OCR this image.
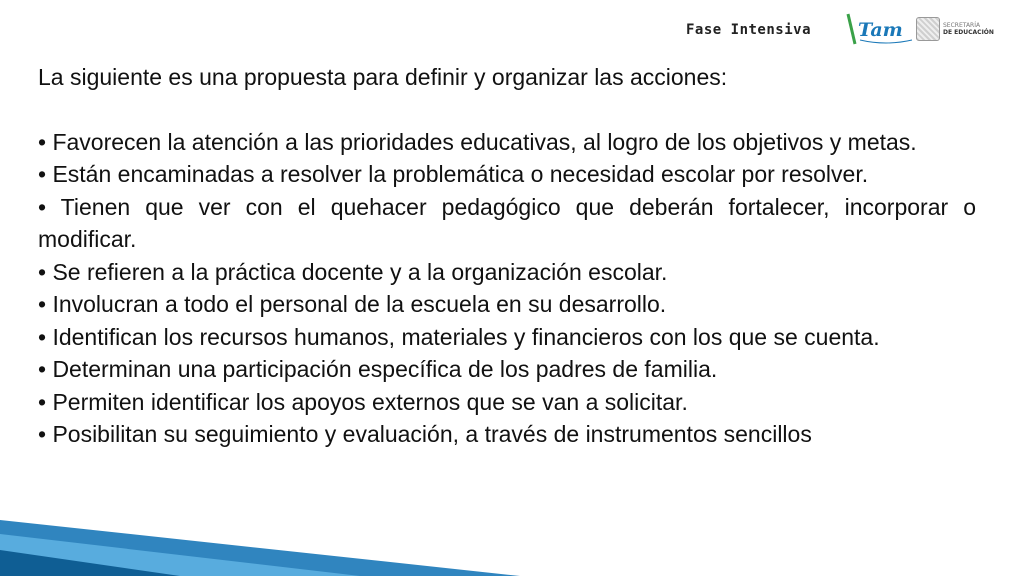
Fase Intensiva Tam	SECRETARÍA
DE EDUCACIÓN
La siguiente es una propuesta para definir y organizar las acciones:
• Favorecen la atención a las prioridades educativas, al logro de los objetivos y metas.
• Están encaminadas a resolver la problemática o necesidad escolar por resolver.
• Tienen que ver con el quehacer pedagógico que deberán fortalecer, incorporar o modificar.
• Se refieren a la práctica docente y a la organización escolar.
• Involucran a todo el personal de la escuela en su desarrollo.
• Identifican los recursos humanos, materiales y financieros con los que se cuenta.
• Determinan una participación específica de los padres de familia.
• Permiten identificar los apoyos externos que se van a solicitar.
• Posibilitan su seguimiento y evaluación, a través de instrumentos sencillos
